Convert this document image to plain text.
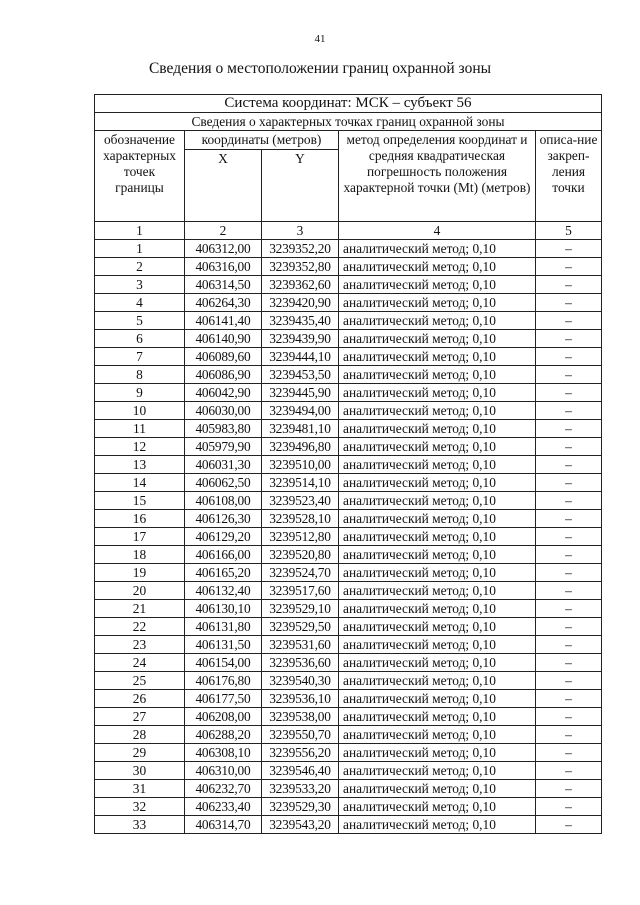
41
Сведения о местоположении границ охранной зоны
Система координат: МСК – субъект 56				
Сведения о характерных точках границ охранной зоны				
обозначение характерных точек границы	координаты (метров)		метод определения координат и средняя квадратическая погрешность положения характерной точки (Mt) (метров)	описа-ние закреп-ления точки
	X	Y		
1	2	3	4	5
1	406312,00	3239352,20	аналитический метод; 0,10	–
2	406316,00	3239352,80	аналитический метод; 0,10	–
3	406314,50	3239362,60	аналитический метод; 0,10	–
4	406264,30	3239420,90	аналитический метод; 0,10	–
5	406141,40	3239435,40	аналитический метод; 0,10	–
6	406140,90	3239439,90	аналитический метод; 0,10	–
7	406089,60	3239444,10	аналитический метод; 0,10	–
8	406086,90	3239453,50	аналитический метод; 0,10	–
9	406042,90	3239445,90	аналитический метод; 0,10	–
10	406030,00	3239494,00	аналитический метод; 0,10	–
11	405983,80	3239481,10	аналитический метод; 0,10	–
12	405979,90	3239496,80	аналитический метод; 0,10	–
13	406031,30	3239510,00	аналитический метод; 0,10	–
14	406062,50	3239514,10	аналитический метод; 0,10	–
15	406108,00	3239523,40	аналитический метод; 0,10	–
16	406126,30	3239528,10	аналитический метод; 0,10	–
17	406129,20	3239512,80	аналитический метод; 0,10	–
18	406166,00	3239520,80	аналитический метод; 0,10	–
19	406165,20	3239524,70	аналитический метод; 0,10	–
20	406132,40	3239517,60	аналитический метод; 0,10	–
21	406130,10	3239529,10	аналитический метод; 0,10	–
22	406131,80	3239529,50	аналитический метод; 0,10	–
23	406131,50	3239531,60	аналитический метод; 0,10	–
24	406154,00	3239536,60	аналитический метод; 0,10	–
25	406176,80	3239540,30	аналитический метод; 0,10	–
26	406177,50	3239536,10	аналитический метод; 0,10	–
27	406208,00	3239538,00	аналитический метод; 0,10	–
28	406288,20	3239550,70	аналитический метод; 0,10	–
29	406308,10	3239556,20	аналитический метод; 0,10	–
30	406310,00	3239546,40	аналитический метод; 0,10	–
31	406232,70	3239533,20	аналитический метод; 0,10	–
32	406233,40	3239529,30	аналитический метод; 0,10	–
33	406314,70	3239543,20	аналитический метод; 0,10	–
